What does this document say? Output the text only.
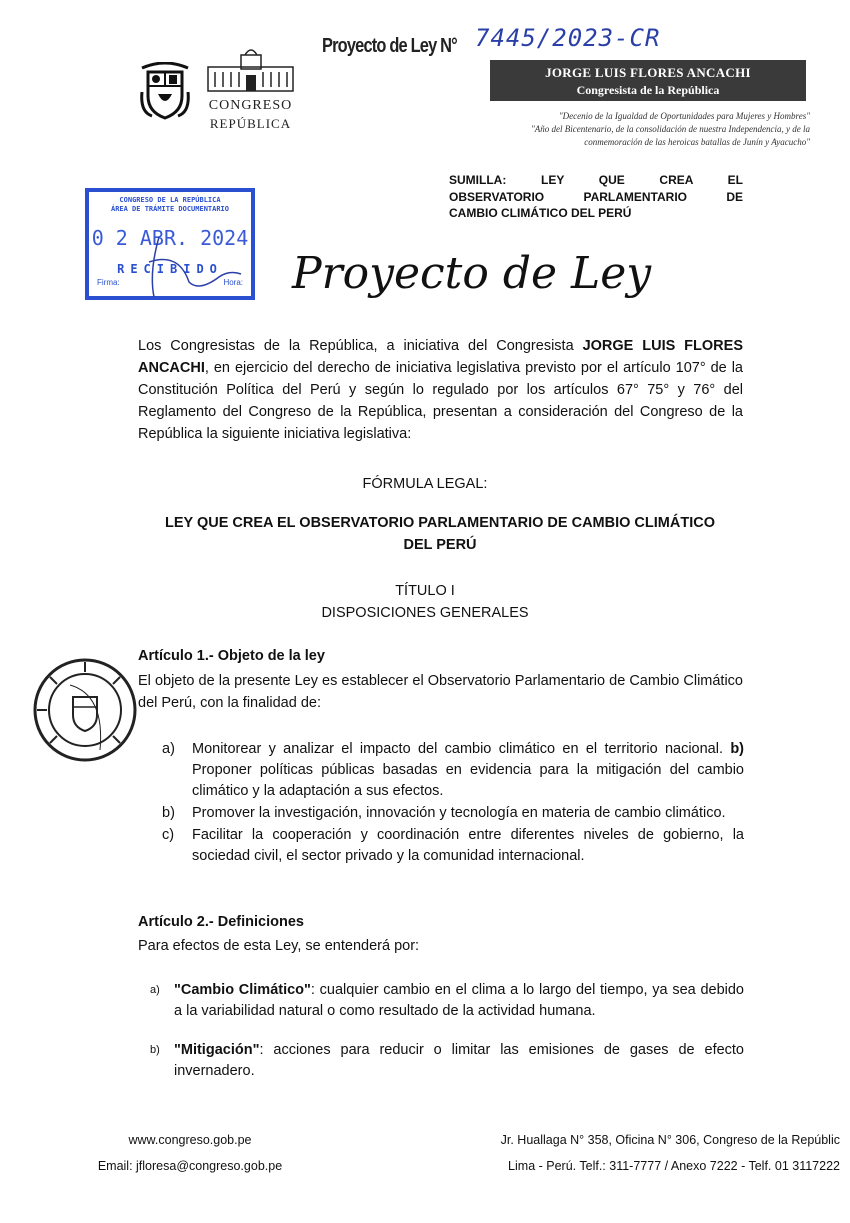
CONGRESO
REPÚBLICA
Proyecto de Ley N° 7445/2023-CR
JORGE LUIS FLORES ANCACHI
Congresista de la República
"Decenio de la Igualdad de Oportunidades para Mujeres y Hombres"
"Año del Bicentenario, de la consolidación de nuestra Independencia, y de la
conmemoración de las heroicas batallas de Junín y Ayacucho"
SUMILLA: LEY QUE CREA EL
OBSERVATORIO PARLAMENTARIO DE
CAMBIO CLIMÁTICO DEL PERÚ
CONGRESO DE LA REPÚBLICA
ÁREA DE TRÁMITE DOCUMENTARIO
0 2 ABR. 2024
RECIBIDO
Firma:	Hora: Proyecto de Ley
Los Congresistas de la República, a iniciativa del Congresista JORGE LUIS FLORES ANCACHI, en ejercicio del derecho de iniciativa legislativa previsto por el artículo 107° de la Constitución Política del Perú y según lo regulado por los artículos 67° 75° y 76° del Reglamento del Congreso de la República, presentan a consideración del Congreso de la República la siguiente iniciativa legislativa:
FÓRMULA LEGAL:
LEY QUE CREA EL OBSERVATORIO PARLAMENTARIO DE CAMBIO CLIMÁTICO DEL PERÚ
TÍTULO I
DISPOSICIONES GENERALES
Artículo 1.- Objeto de la ley
El objeto de la presente Ley es establecer el Observatorio Parlamentario de Cambio Climático del Perú, con la finalidad de:
a)	Monitorear y analizar el impacto del cambio climático en el territorio nacional. b) Proponer políticas públicas basadas en evidencia para la mitigación del cambio climático y la adaptación a sus efectos.
b)	Promover la investigación, innovación y tecnología en materia de cambio climático.
c)	Facilitar la cooperación y coordinación entre diferentes niveles de gobierno, la sociedad civil, el sector privado y la comunidad internacional.
Artículo 2.- Definiciones
Para efectos de esta Ley, se entenderá por:
a) "Cambio Climático": cualquier cambio en el clima a lo largo del tiempo, ya sea debido a la variabilidad natural o como resultado de la actividad humana.
b) "Mitigación": acciones para reducir o limitar las emisiones de gases de efecto invernadero.
www.congreso.gob.pe
Email: jfloresa@congreso.gob.pe
Jr. Huallaga N° 358, Oficina N° 306, Congreso de la Repúblic
Lima - Perú. Telf.: 311-7777 / Anexo 7222 - Telf. 01 3117222
